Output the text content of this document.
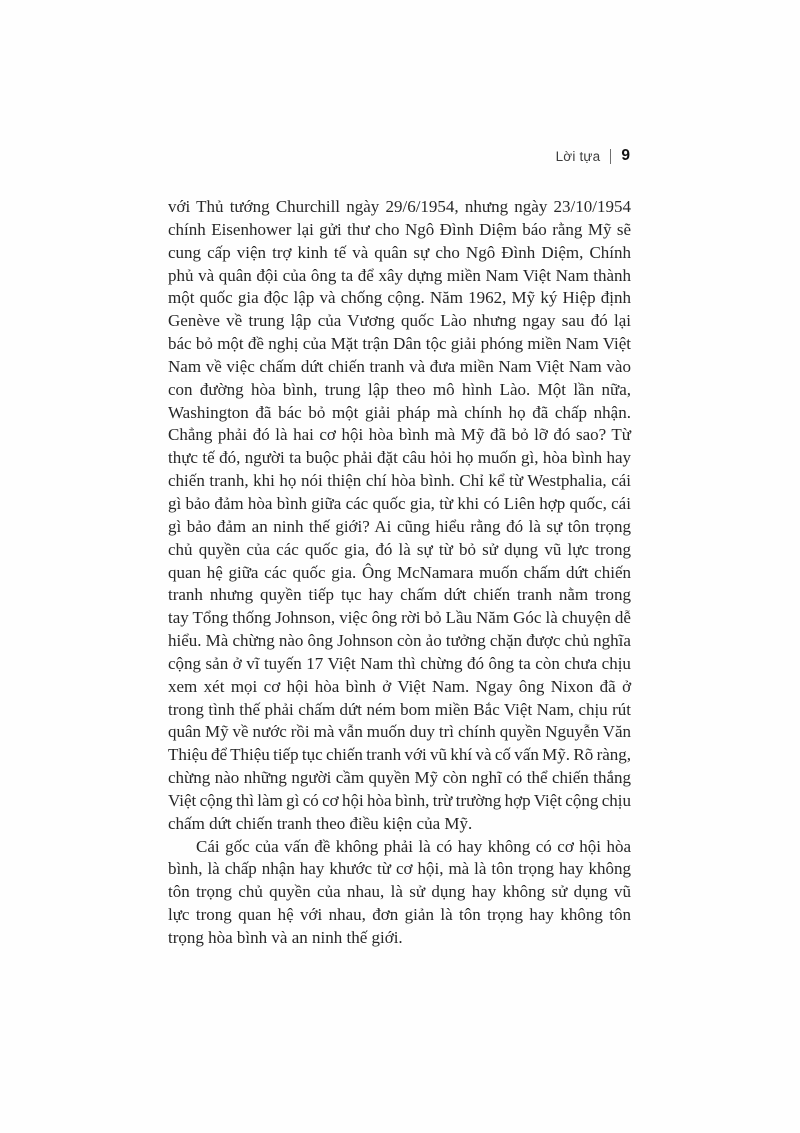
Lời tựa 9
với Thủ tướng Churchill ngày 29/6/1954, nhưng ngày 23/10/1954
chính Eisenhower lại gửi thư cho Ngô Đình Diệm báo rằng Mỹ sẽ
cung cấp viện trợ kinh tế và quân sự cho Ngô Đình Diệm, Chính
phủ và quân đội của ông ta để xây dựng miền Nam Việt Nam thành
một quốc gia độc lập và chống cộng. Năm 1962, Mỹ ký Hiệp định
Genève về trung lập của Vương quốc Lào nhưng ngay sau đó lại
bác bỏ một đề nghị của Mặt trận Dân tộc giải phóng miền Nam Việt
Nam về việc chấm dứt chiến tranh và đưa miền Nam Việt Nam vào
con đường hòa bình, trung lập theo mô hình Lào. Một lần nữa,
Washington đã bác bỏ một giải pháp mà chính họ đã chấp nhận.
Chẳng phải đó là hai cơ hội hòa bình mà Mỹ đã bỏ lỡ đó sao? Từ
thực tế đó, người ta buộc phải đặt câu hỏi họ muốn gì, hòa bình hay
chiến tranh, khi họ nói thiện chí hòa bình. Chỉ kể từ Westphalia, cái
gì bảo đảm hòa bình giữa các quốc gia, từ khi có Liên hợp quốc, cái
gì bảo đảm an ninh thế giới? Ai cũng hiểu rằng đó là sự tôn trọng
chủ quyền của các quốc gia, đó là sự từ bỏ sử dụng vũ lực trong
quan hệ giữa các quốc gia. Ông McNamara muốn chấm dứt chiến
tranh nhưng quyền tiếp tục hay chấm dứt chiến tranh nằm trong
tay Tổng thống Johnson, việc ông rời bỏ Lầu Năm Góc là chuyện dễ
hiểu. Mà chừng nào ông Johnson còn ảo tưởng chặn được chủ nghĩa
cộng sản ở vĩ tuyến 17 Việt Nam thì chừng đó ông ta còn chưa chịu
xem xét mọi cơ hội hòa bình ở Việt Nam. Ngay ông Nixon đã ở
trong tình thế phải chấm dứt ném bom miền Bắc Việt Nam, chịu rút
quân Mỹ về nước rồi mà vẫn muốn duy trì chính quyền Nguyễn Văn
Thiệu để Thiệu tiếp tục chiến tranh với vũ khí và cố vấn Mỹ. Rõ ràng,
chừng nào những người cầm quyền Mỹ còn nghĩ có thể chiến thắng
Việt cộng thì làm gì có cơ hội hòa bình, trừ trường hợp Việt cộng chịu
chấm dứt chiến tranh theo điều kiện của Mỹ.
Cái gốc của vấn đề không phải là có hay không có cơ hội hòa
bình, là chấp nhận hay khước từ cơ hội, mà là tôn trọng hay không
tôn trọng chủ quyền của nhau, là sử dụng hay không sử dụng vũ
lực trong quan hệ với nhau, đơn giản là tôn trọng hay không tôn
trọng hòa bình và an ninh thế giới.
